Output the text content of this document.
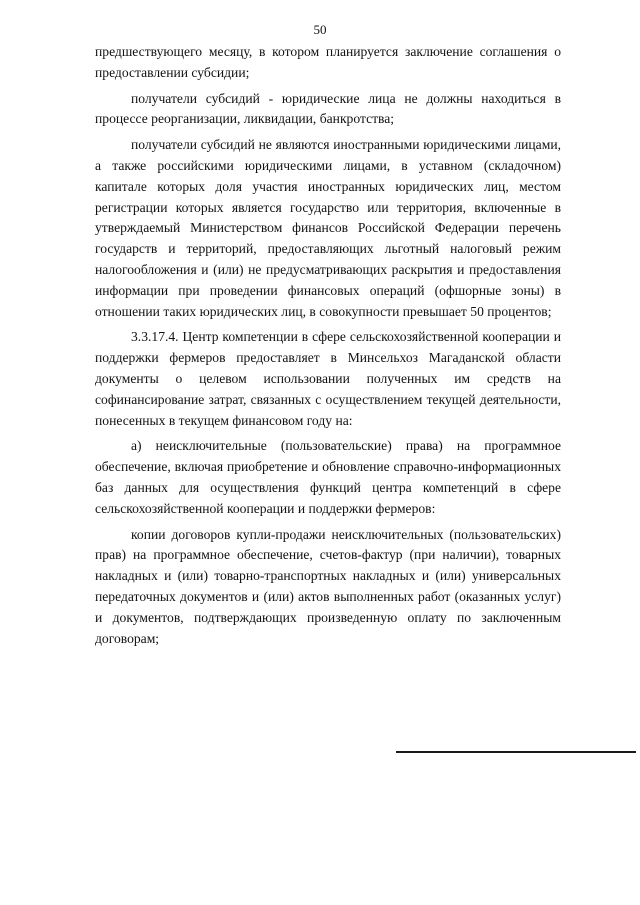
50

предшествующего месяцу, в котором планируется заключение соглашения о предоставлении субсидии;

получатели субсидий - юридические лица не должны находиться в процессе реорганизации, ликвидации, банкротства;

получатели субсидий не являются иностранными юридическими лицами, а также российскими юридическими лицами, в уставном (складочном) капитале которых доля участия иностранных юридических лиц, местом регистрации которых является государство или территория, включенные в утверждаемый Министерством финансов Российской Федерации перечень государств и территорий, предоставляющих льготный налоговый режим налогообложения и (или) не предусматривающих раскрытия и предоставления информации при проведении финансовых операций (офшорные зоны) в отношении таких юридических лиц, в совокупности превышает 50 процентов;

3.3.17.4. Центр компетенции в сфере сельскохозяйственной кооперации и поддержки фермеров предоставляет в Минсельхоз Магаданской области документы о целевом использовании полученных им средств на софинансирование затрат, связанных с осуществлением текущей деятельности, понесенных в текущем финансовом году на:

а) неисключительные (пользовательские) права) на программное обеспечение, включая приобретение и обновление справочно-информационных баз данных для осуществления функций центра компетенций в сфере сельскохозяйственной кооперации и поддержки фермеров:

копии договоров купли-продажи неисключительных (пользовательских) прав) на программное обеспечение, счетов-фактур (при наличии), товарных накладных и (или) товарно-транспортных накладных и (или) универсальных передаточных документов и (или) актов выполненных работ (оказанных услуг) и документов, подтверждающих произведенную оплату по заключенным договорам;
